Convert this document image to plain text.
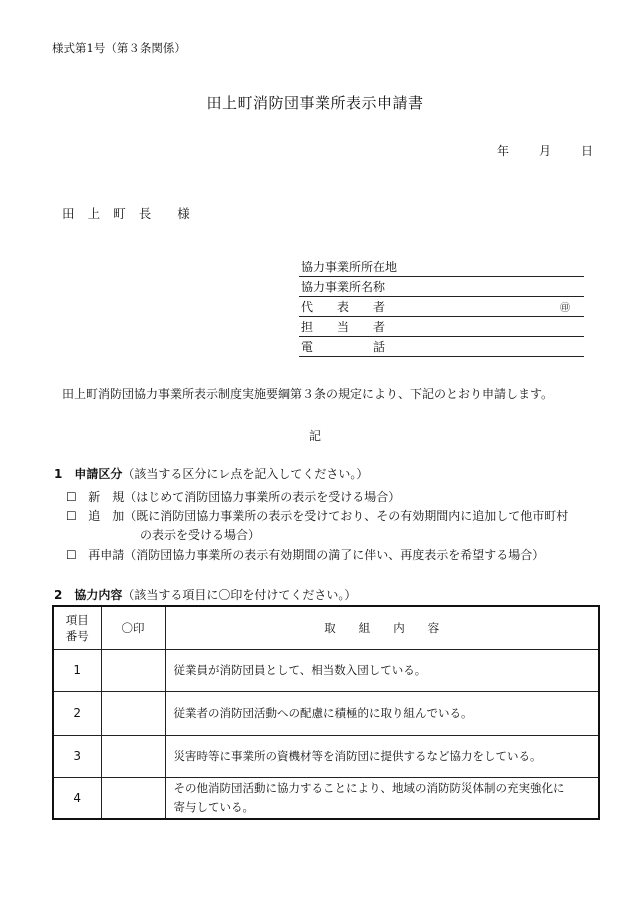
様式第1号（第３条関係）
田上町消防団事業所表示申請書
年	月	日
田　上　町　長　　様
協力事業所所在地
協力事業所名称
代　　表　　者	㊞
担　　当　　者
電　　　　　話
田上町消防団協力事業所表示制度実施要綱第３条の規定により、下記のとおり申請します。
記
1　申請区分（該当する区分にレ点を記入してください。）
☐ 新　規（はじめて消防団協力事業所の表示を受ける場合）
☐ 追　加（既に消防団協力事業所の表示を受けており、その有効期間内に追加して他市町村
の表示を受ける場合）
☐ 再申請（消防団協力事業所の表示有効期間の満了に伴い、再度表示を希望する場合）
2　協力内容（該当する項目に〇印を付けてください。）
項目
番号	〇印	取　　組　　内　　容
1		従業員が消防団員として、相当数入団している。
2		従業者の消防団活動への配慮に積極的に取り組んでいる。
3		災害時等に事業所の資機材等を消防団に提供するなど協力をしている。
4		その他消防団活動に協力することにより、地域の消防防災体制の充実強化に
寄与している。
